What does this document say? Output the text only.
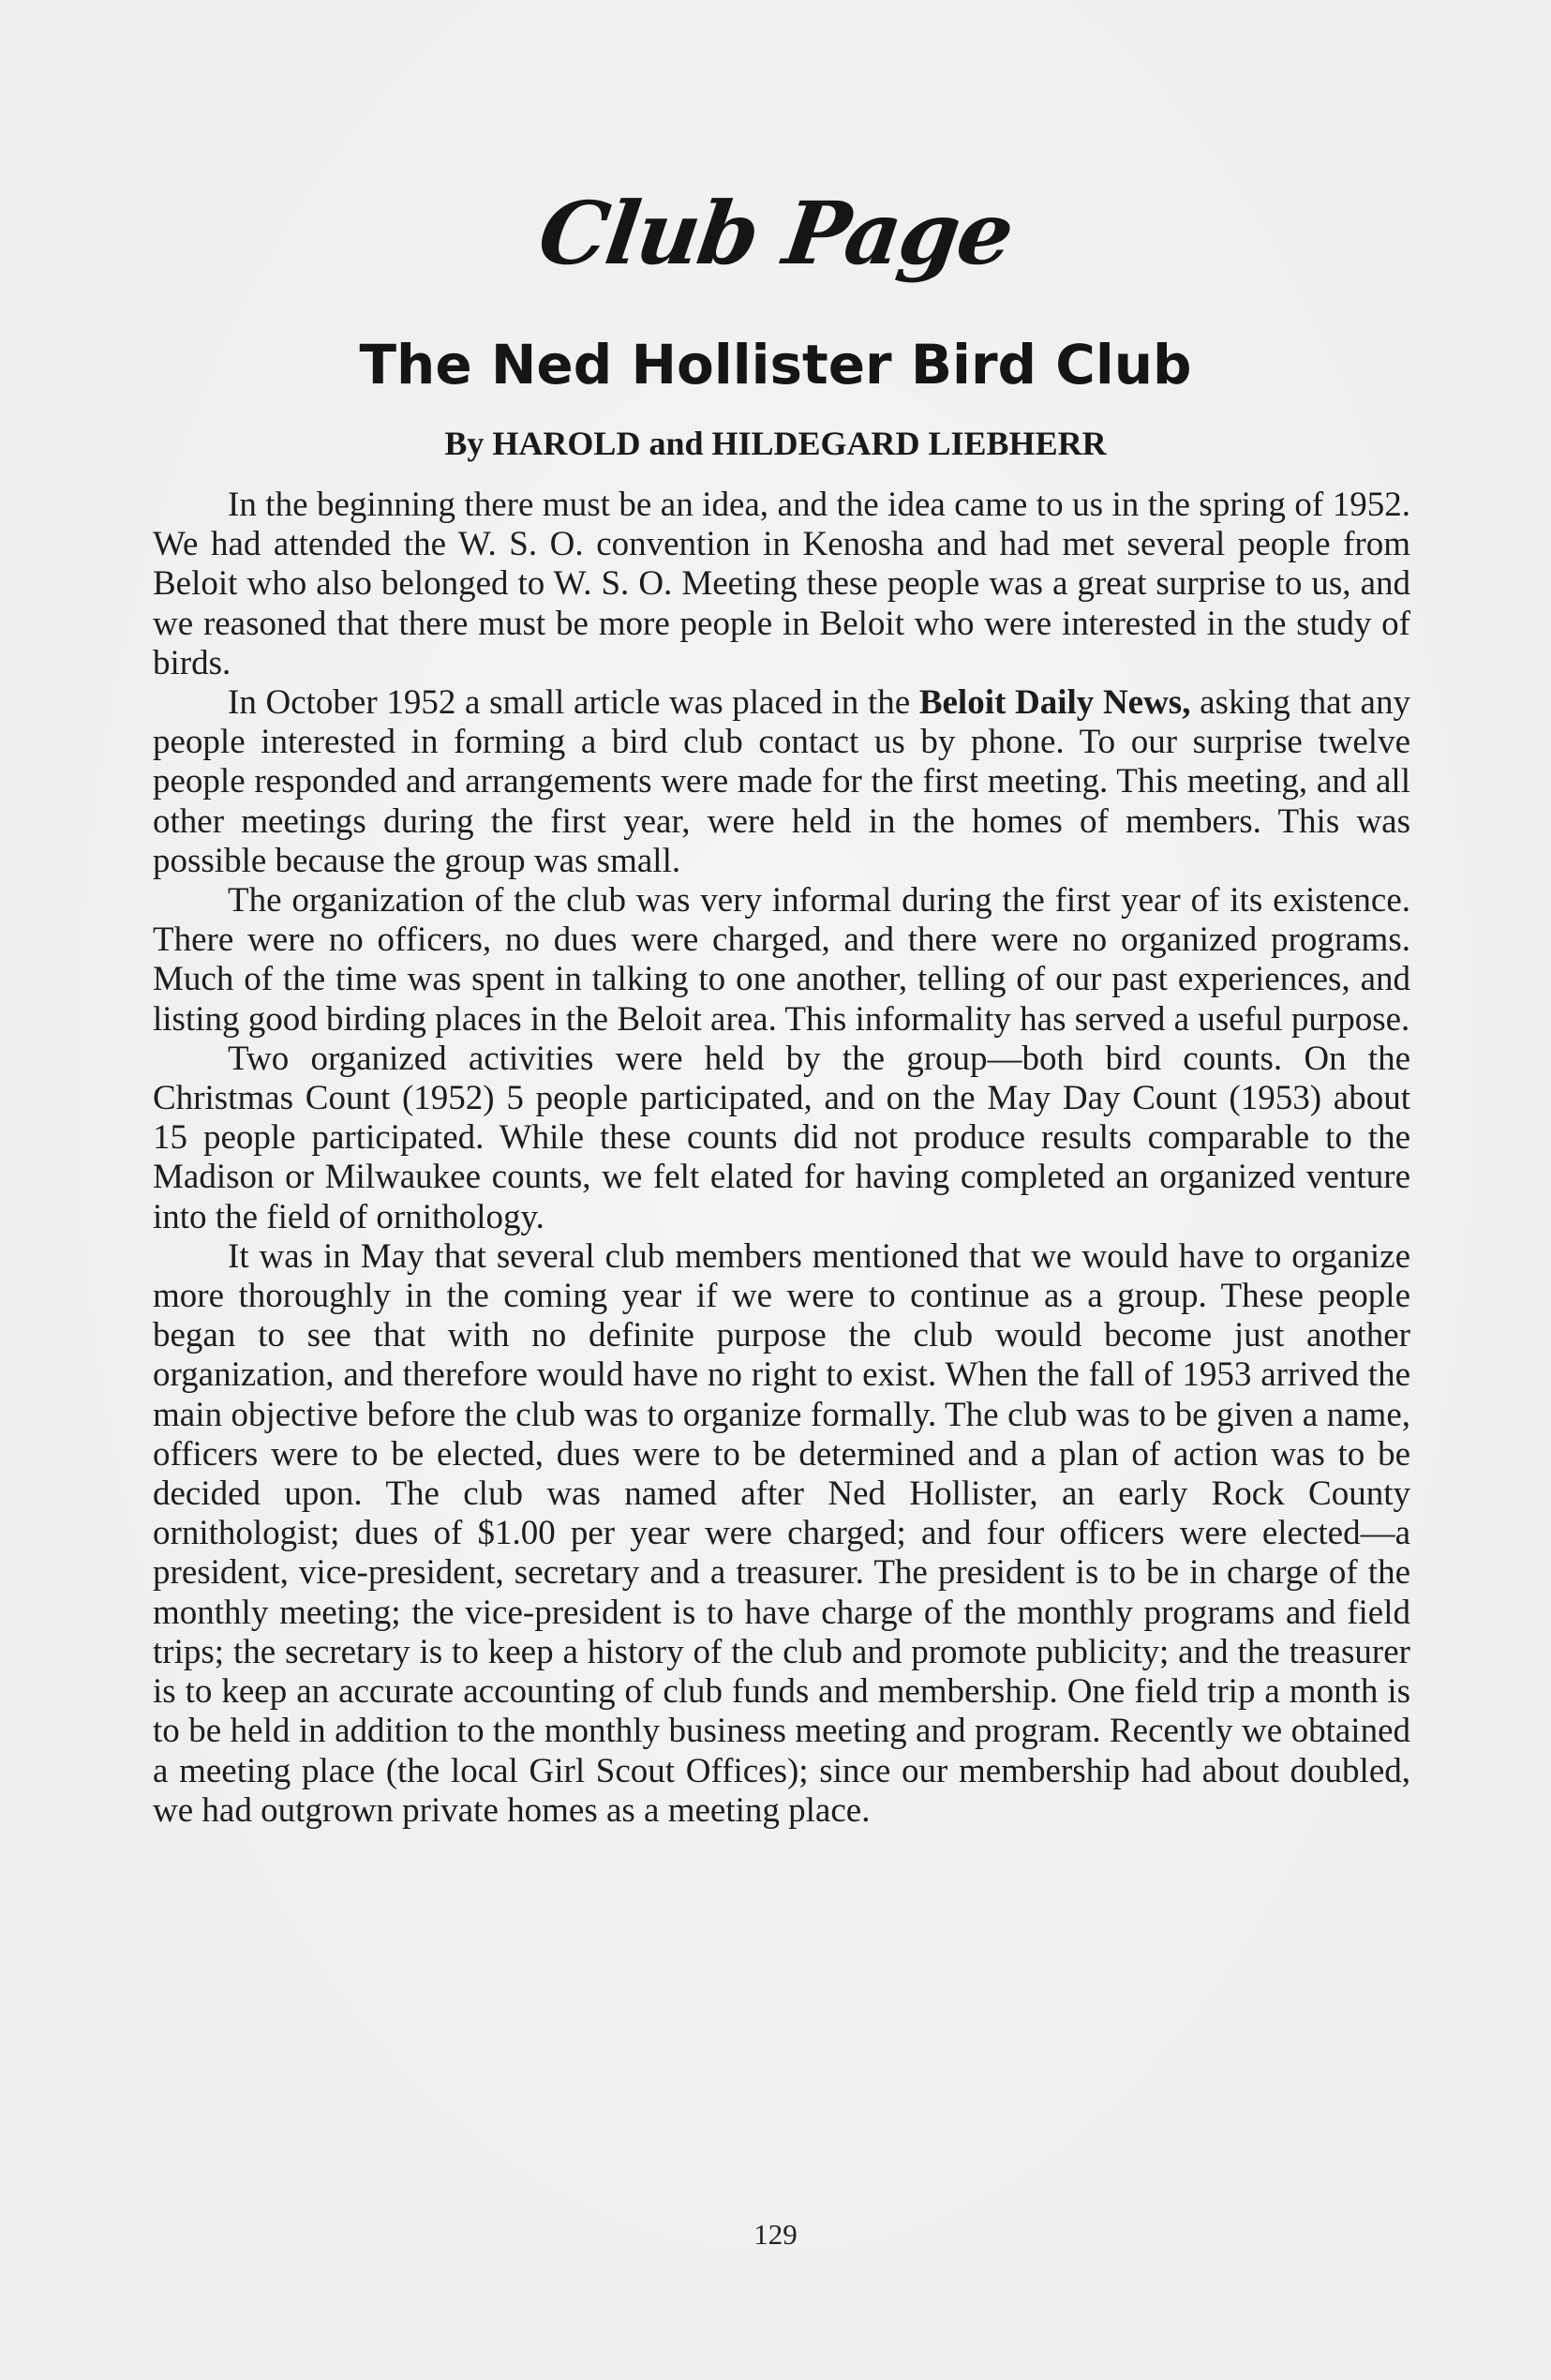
Club Page
The Ned Hollister Bird Club
By HAROLD and HILDEGARD LIEBHERR

In the beginning there must be an idea, and the idea came to us in the spring of 1952. We had attended the W. S. O. convention in Kenosha and had met several people from Beloit who also belonged to W. S. O. Meeting these people was a great surprise to us, and we reasoned that there must be more people in Beloit who were interested in the study of birds.

In October 1952 a small article was placed in the Beloit Daily News, asking that any people interested in forming a bird club contact us by phone. To our surprise twelve people responded and arrangements were made for the first meeting. This meeting, and all other meetings during the first year, were held in the homes of members. This was possible because the group was small.

The organization of the club was very informal during the first year of its existence. There were no officers, no dues were charged, and there were no organized programs. Much of the time was spent in talking to one another, telling of our past experiences, and listing good birding places in the Beloit area. This informality has served a useful purpose.

Two organized activities were held by the group—both bird counts. On the Christmas Count (1952) 5 people participated, and on the May Day Count (1953) about 15 people participated. While these counts did not produce results comparable to the Madison or Milwaukee counts, we felt elated for having completed an organized venture into the field of ornithology.

It was in May that several club members mentioned that we would have to organize more thoroughly in the coming year if we were to continue as a group. These people began to see that with no definite purpose the club would become just another organization, and therefore would have no right to exist. When the fall of 1953 arrived the main objective before the club was to organize formally. The club was to be given a name, officers were to be elected, dues were to be determined and a plan of action was to be decided upon. The club was named after Ned Hollister, an early Rock County ornithologist; dues of $1.00 per year were charged; and four officers were elected—a president, vice-president, secretary and a treasurer. The president is to be in charge of the monthly meeting; the vice-president is to have charge of the monthly programs and field trips; the secretary is to keep a history of the club and promote publicity; and the treasurer is to keep an accurate accounting of club funds and membership. One field trip a month is to be held in addition to the monthly business meeting and program. Recently we obtained a meeting place (the local Girl Scout Offices); since our membership had about doubled, we had outgrown private homes as a meeting place.

129
